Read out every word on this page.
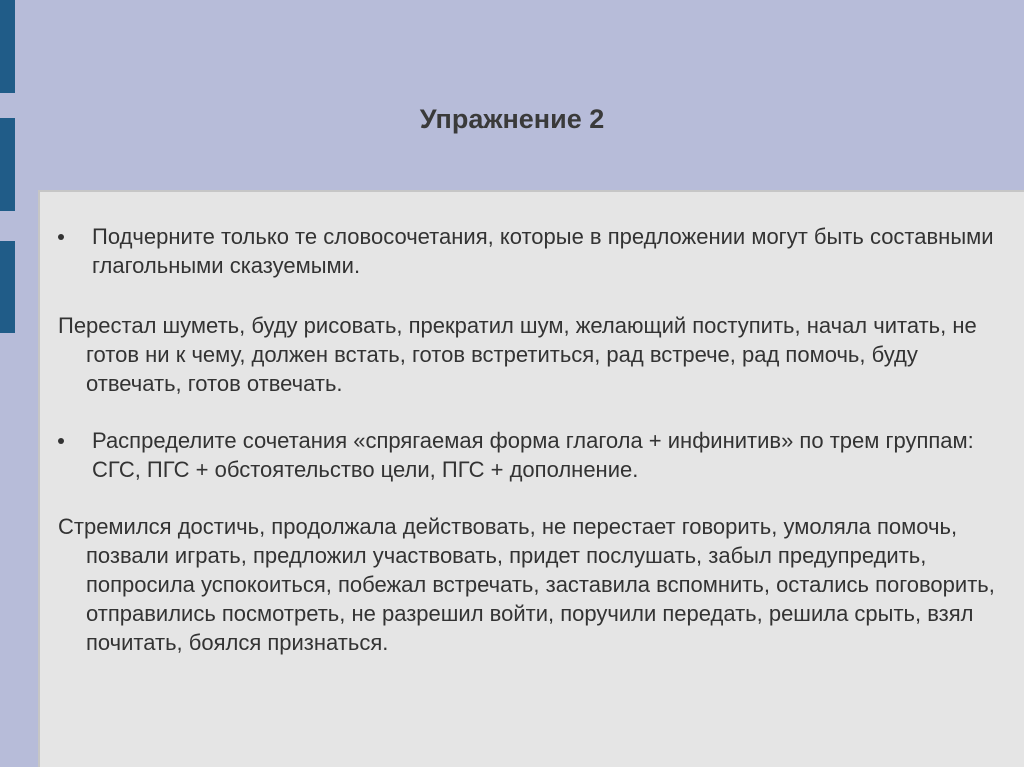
Упражнение 2
Подчерните только те словосочетания, которые в предложении могут быть составными глагольными сказуемыми.
Перестал шуметь, буду рисовать, прекратил шум, желающий поступить, начал читать, не готов ни к чему, должен встать, готов встретиться, рад встрече, рад помочь, буду отвечать, готов отвечать.
Распределите сочетания «спрягаемая форма глагола + инфинитив» по трем группам: СГС, ПГС + обстоятельство цели, ПГС + дополнение.
Стремился достичь, продолжала действовать, не перестает говорить, умоляла помочь, позвали играть, предложил участвовать, придет послушать, забыл предупредить, попросила успокоиться, побежал встречать, заставила вспомнить, остались поговорить, отправились посмотреть, не разрешил войти, поручили передать, решила срыть, взял почитать, боялся признаться.
